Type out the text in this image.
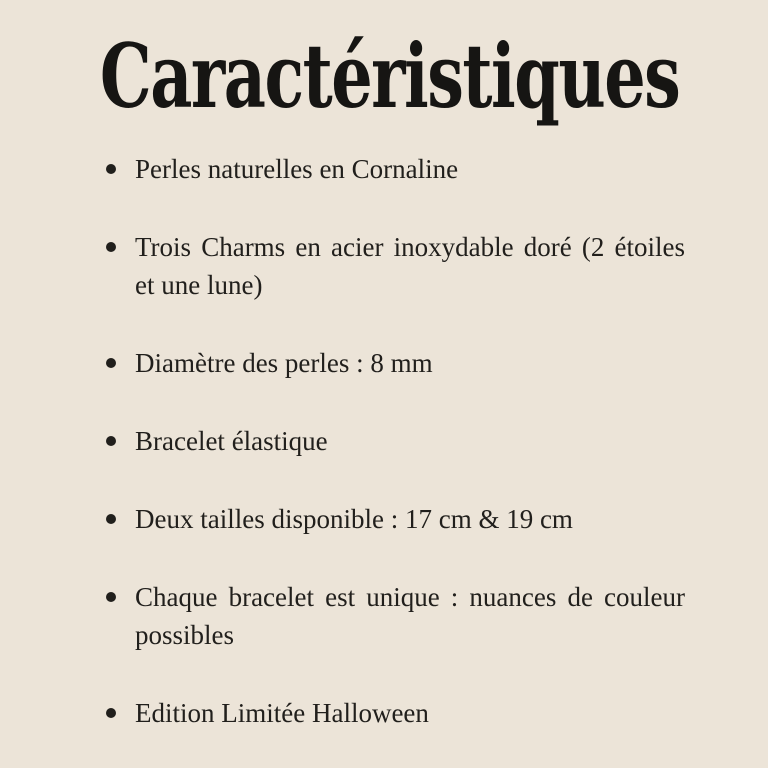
Caractéristiques
Perles naturelles en Cornaline
Trois Charms en acier inoxydable doré (2 étoiles et une lune)
Diamètre des perles : 8 mm
Bracelet élastique
Deux tailles disponible : 17 cm & 19 cm
Chaque bracelet est unique : nuances de couleur possibles
Edition Limitée Halloween
